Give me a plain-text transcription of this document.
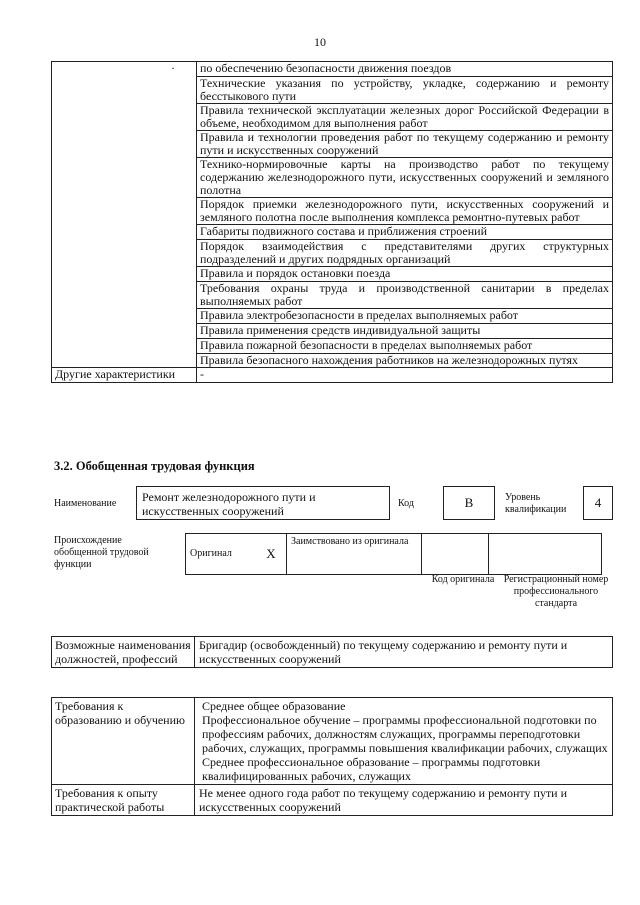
10
·	по обеспечению безопасности движения поездов
	Технические указания по устройству, укладке, содержанию и ремонту бесстыкового пути
	Правила технической эксплуатации железных дорог Российской Федерации в объеме, необходимом для выполнения работ
	Правила и технологии проведения работ по текущему содержанию и ремонту пути и искусственных сооружений
	Технико-нормировочные карты на производство работ по текущему содержанию железнодорожного пути, искусственных сооружений и земляного полотна
	Порядок приемки железнодорожного пути, искусственных сооружений и земляного полотна после выполнения комплекса ремонтно-путевых работ
	Габариты подвижного состава и приближения строений
	Порядок взаимодействия с представителями других структурных подразделений и других подрядных организаций
	Правила и порядок остановки поезда
	Требования охраны труда и производственной санитарии в пределах выполняемых работ
	Правила электробезопасности в пределах выполняемых работ
	Правила применения средств индивидуальной защиты
	Правила пожарной безопасности в пределах выполняемых работ
	Правила безопасного нахождения работников на железнодорожных путях
Другие характеристики	-
3.2. Обобщенная трудовая функция
Наименование	Ремонт железнодорожного пути и искусственных сооружений
Код	В	Уровень квалификации	4
Происхождение обобщенной трудовой функции
Оригинал	X	Заимствовано из оригинала		
Код оригинала Регистрационный номер профессионального стандарта
Возможные наименования должностей, профессий	Бригадир (освобожденный) по текущему содержанию и ремонту пути и искусственных сооружений
Требования к образованию и обучению	Среднее общее образование
Профессиональное обучение – программы профессиональной подготовки по профессиям рабочих, должностям служащих, программы переподготовки рабочих, служащих, программы повышения квалификации рабочих, служащих
Среднее профессиональное образование – программы подготовки квалифицированных рабочих, служащих

Требования к опыту практической работы	Не менее одного года работ по текущему содержанию и ремонту пути и искусственных сооружений
